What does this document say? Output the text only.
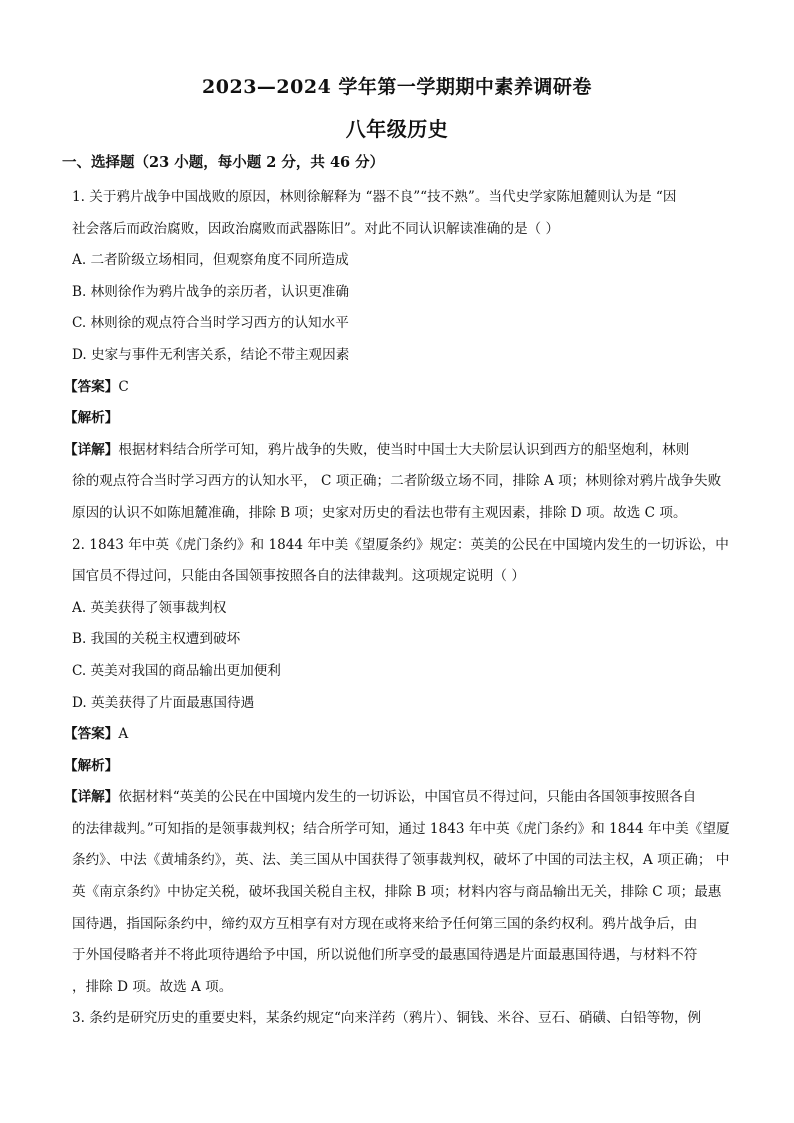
2023—2024 学年第一学期期中素养调研卷
八年级历史
一、选择题（23 小题，每小题 2 分，共 46 分）
1. 关于鸦片战争中国战败的原因，林则徐解释为 “器不良”“技不熟”。当代史学家陈旭麓则认为是 “因
社会落后而政治腐败，因政治腐败而武器陈旧”。对此不同认识解读准确的是（ ）
A. 二者阶级立场相同，但观察角度不同所造成
B. 林则徐作为鸦片战争的亲历者，认识更准确
C. 林则徐的观点符合当时学习西方的认知水平
D. 史家与事件无利害关系，结论不带主观因素
【答案】C
【解析】
【详解】根据材料结合所学可知，鸦片战争的失败，使当时中国士大夫阶层认识到西方的船坚炮利，林则
徐的观点符合当时学习西方的认知水平， C 项正确；二者阶级立场不同，排除 A 项；林则徐对鸦片战争失败
原因的认识不如陈旭麓准确，排除 B 项；史家对历史的看法也带有主观因素，排除 D 项。故选 C 项。
2. 1843 年中英《虎门条约》和 1844 年中美《望厦条约》规定：英美的公民在中国境内发生的一切诉讼，中
国官员不得过问，只能由各国领事按照各自的法律裁判。这项规定说明（ ）
A. 英美获得了领事裁判权
B. 我国的关税主权遭到破坏
C. 英美对我国的商品输出更加便利
D. 英美获得了片面最惠国待遇
【答案】A
【解析】
【详解】依据材料“英美的公民在中国境内发生的一切诉讼，中国官员不得过问，只能由各国领事按照各自
的法律裁判。”可知指的是领事裁判权；结合所学可知，通过 1843 年中英《虎门条约》和 1844 年中美《望厦
条约》、中法《黄埔条约》，英、法、美三国从中国获得了领事裁判权，破坏了中国的司法主权，A 项正确； 中
英《南京条约》中协定关税，破坏我国关税自主权，排除 B 项；材料内容与商品输出无关，排除 C 项；最惠
国待遇，指国际条约中，缔约双方互相享有对方现在或将来给予任何第三国的条约权利。鸦片战争后，由
于外国侵略者并不将此项待遇给予中国，所以说他们所享受的最惠国待遇是片面最惠国待遇，与材料不符
，排除 D 项。故选 A 项。
3. 条约是研究历史的重要史料，某条约规定“向来洋药（鸦片）、铜钱、米谷、豆石、硝磺、白铅等物，例
